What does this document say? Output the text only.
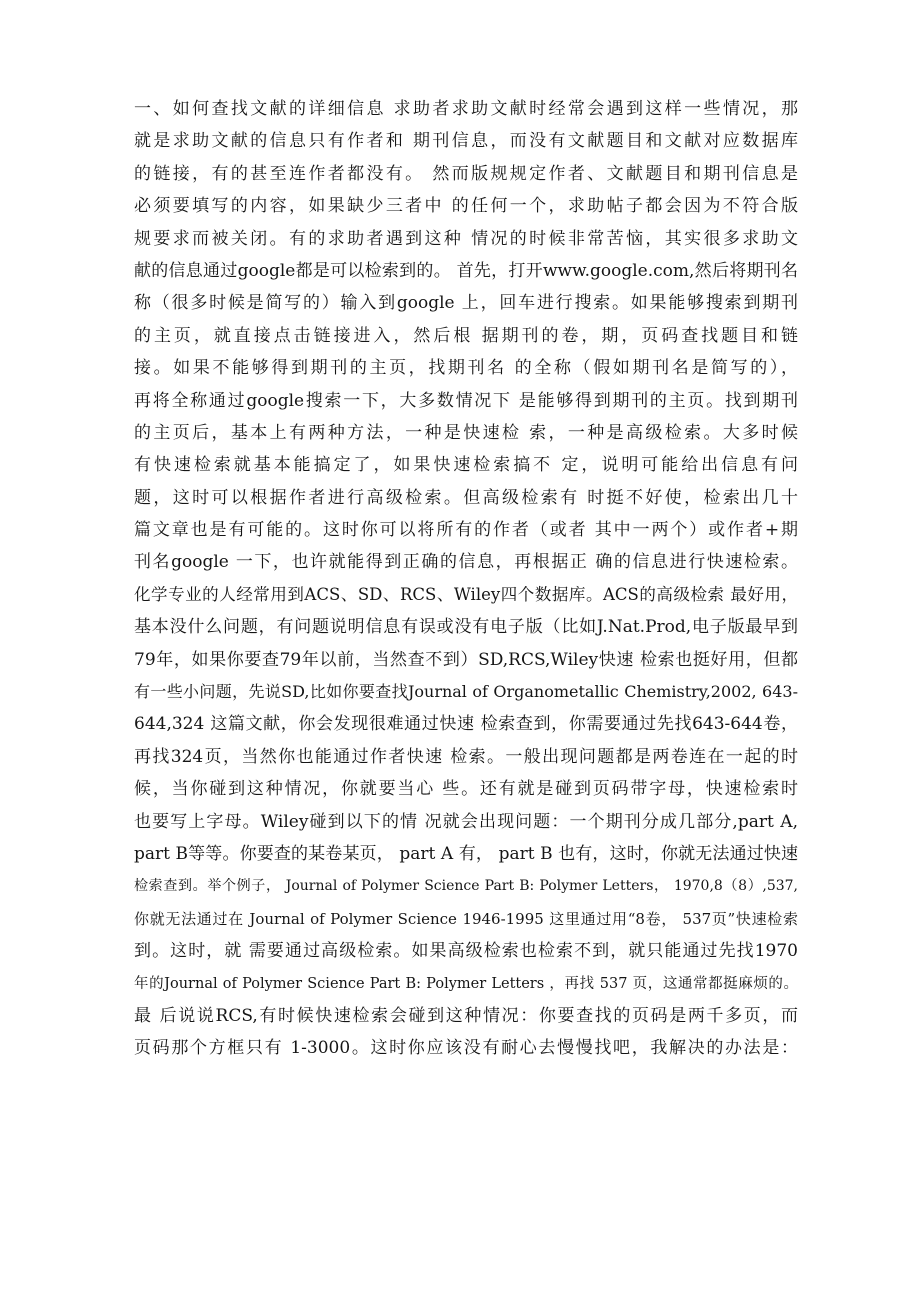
一、如何查找文献的详细信息 求助者求助文献时经常会遇到这样一些情况，那
就是求助文献的信息只有作者和 期刊信息，而没有文献题目和文献对应数据库
的链接，有的甚至连作者都没有。 然而版规规定作者、文献题目和期刊信息是
必须要填写的内容，如果缺少三者中 的任何一个，求助帖子都会因为不符合版
规要求而被关闭。有的求助者遇到这种 情况的时候非常苦恼，其实很多求助文
献的信息通过google都是可以检索到的。 首先，打开www.google.com,然后将期刊名
称（很多时候是简写的）输入到google 上，回车进行搜索。如果能够搜索到期刊
的主页，就直接点击链接进入，然后根 据期刊的卷，期，页码查找题目和链
接。如果不能够得到期刊的主页，找期刊名 的全称（假如期刊名是简写的），
再将全称通过google搜索一下，大多数情况下 是能够得到期刊的主页。找到期刊
的主页后，基本上有两种方法，一种是快速检 索，一种是高级检索。大多时候
有快速检索就基本能搞定了，如果快速检索搞不 定，说明可能给出信息有问
题，这时可以根据作者进行高级检索。但高级检索有 时挺不好使，检索出几十
篇文章也是有可能的。这时你可以将所有的作者（或者 其中一两个）或作者+期
刊名google 一下，也许就能得到正确的信息，再根据正 确的信息进行快速检索。
化学专业的人经常用到ACS、SD、RCS、Wiley四个数据库。ACS的高级检索 最好用，
基本没什么问题，有问题说明信息有误或没有电子版（比如J.Nat.Prod,电子版最早到
79年，如果你要查79年以前，当然查不到）SD,RCS,Wiley快速 检索也挺好用，但都
有一些小问题，先说SD,比如你要查找Journal of Organometallic Chemistry,2002, 643-
644,324 这篇文献，你会发现很难通过快速 检索查到，你需要通过先找643-644卷，
再找324页，当然你也能通过作者快速 检索。一般出现问题都是两卷连在一起的时
候，当你碰到这种情况，你就要当心 些。还有就是碰到页码带字母，快速检索时
也要写上字母。Wiley碰到以下的情 况就会出现问题：一个期刊分成几部分,part A,
part B等等。你要查的某卷某页， part A 有， part B 也有，这时，你就无法通过快速
检索查到。举个例子， Journal of Polymer Science Part B: Polymer Letters， 1970,8（8）,537,
你就无法通过在 Journal of Polymer Science 1946-1995 这里通过用“8卷， 537页”快速检索
到。这时，就 需要通过高级检索。如果高级检索也检索不到，就只能通过先找1970
年的Journal of Polymer Science Part B: Polymer Letters ，再找 537 页，这通常都挺麻烦的。
最 后说说RCS,有时候快速检索会碰到这种情况：你要查找的页码是两千多页，而
页码那个方框只有 1-3000。这时你应该没有耐心去慢慢找吧，我解决的办法是：
